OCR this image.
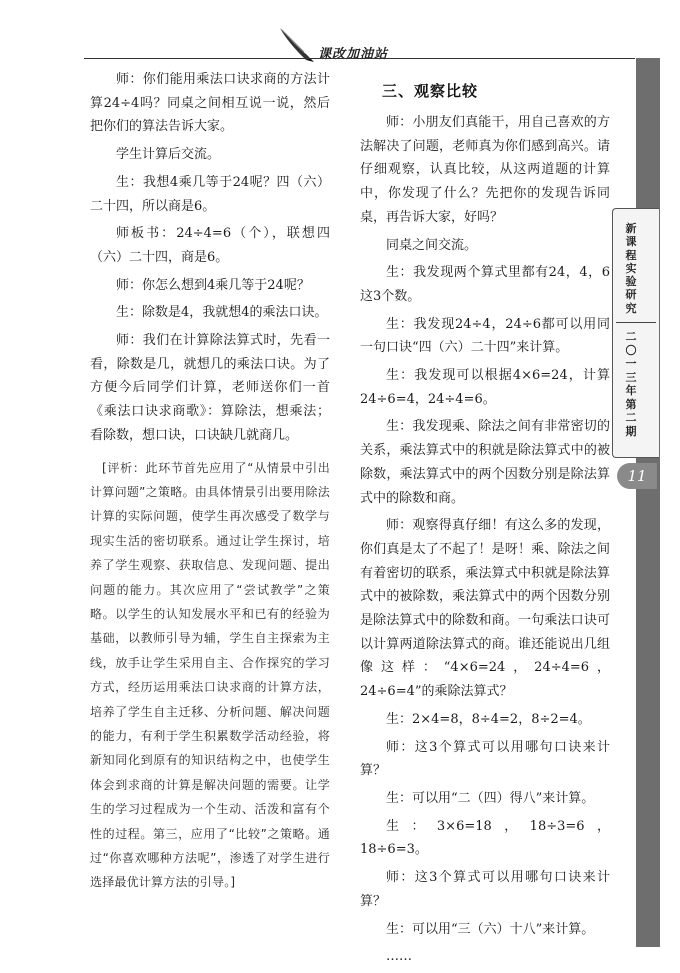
课改加油站
新课程实验研究
二〇一三年第二期
11

师：你们能用乘法口诀求商的方法计算24÷4吗？同桌之间相互说一说，然后把你们的算法告诉大家。

学生计算后交流。

生：我想4乘几等于24呢？四（六）二十四，所以商是6。

师板书：24÷4=6（个），联想四（六）二十四，商是6。

师：你怎么想到4乘几等于24呢？

生：除数是4，我就想4的乘法口诀。

师：我们在计算除法算式时，先看一看，除数是几，就想几的乘法口诀。为了方便今后同学们计算，老师送你们一首《乘法口诀求商歌》：算除法，想乘法；看除数，想口诀，口诀缺几就商几。

[评析：此环节首先应用了“从情景中引出计算问题”之策略。由具体情景引出要用除法计算的实际问题，使学生再次感受了数学与现实生活的密切联系。通过让学生探讨，培养了学生观察、获取信息、发现问题、提出问题的能力。其次应用了“尝试教学”之策略。以学生的认知发展水平和已有的经验为基础，以教师引导为辅，学生自主探索为主线，放手让学生采用自主、合作探究的学习方式，经历运用乘法口诀求商的计算方法，培养了学生自主迁移、分析问题、解决问题的能力，有利于学生积累数学活动经验，将新知同化到原有的知识结构之中，也使学生体会到求商的计算是解决问题的需要。让学生的学习过程成为一个生动、活泼和富有个性的过程。第三，应用了“比较”之策略。通过“你喜欢哪种方法呢”，渗透了对学生进行选择最优计算方法的引导。]

三、观察比较

师：小朋友们真能干，用自己喜欢的方法解决了问题，老师真为你们感到高兴。请仔细观察，认真比较，从这两道题的计算中，你发现了什么？先把你的发现告诉同桌，再告诉大家，好吗？

同桌之间交流。

生：我发现两个算式里都有24，4，6这3个数。

生：我发现24÷4，24÷6都可以用同一句口诀“四（六）二十四”来计算。

生：我发现可以根据4×6=24，计算24÷6=4，24÷4=6。

生：我发现乘、除法之间有非常密切的关系，乘法算式中的积就是除法算式中的被除数，乘法算式中的两个因数分别是除法算式中的除数和商。

师：观察得真仔细！有这么多的发现，你们真是太了不起了！是呀！乘、除法之间有着密切的联系，乘法算式中积就是除法算式中的被除数，乘法算式中的两个因数分别是除法算式中的除数和商。一句乘法口诀可以计算两道除法算式的商。谁还能说出几组像这样：“4×6=24，24÷4=6，24÷6=4”的乘除法算式？

生：2×4=8，8÷4=2，8÷2=4。

师：这3个算式可以用哪句口诀来计算？

生：可以用“二（四）得八”来计算。

生：3×6=18，18÷3=6，18÷6=3。

师：这3个算式可以用哪句口诀来计算？

生：可以用“三（六）十八”来计算。

……
